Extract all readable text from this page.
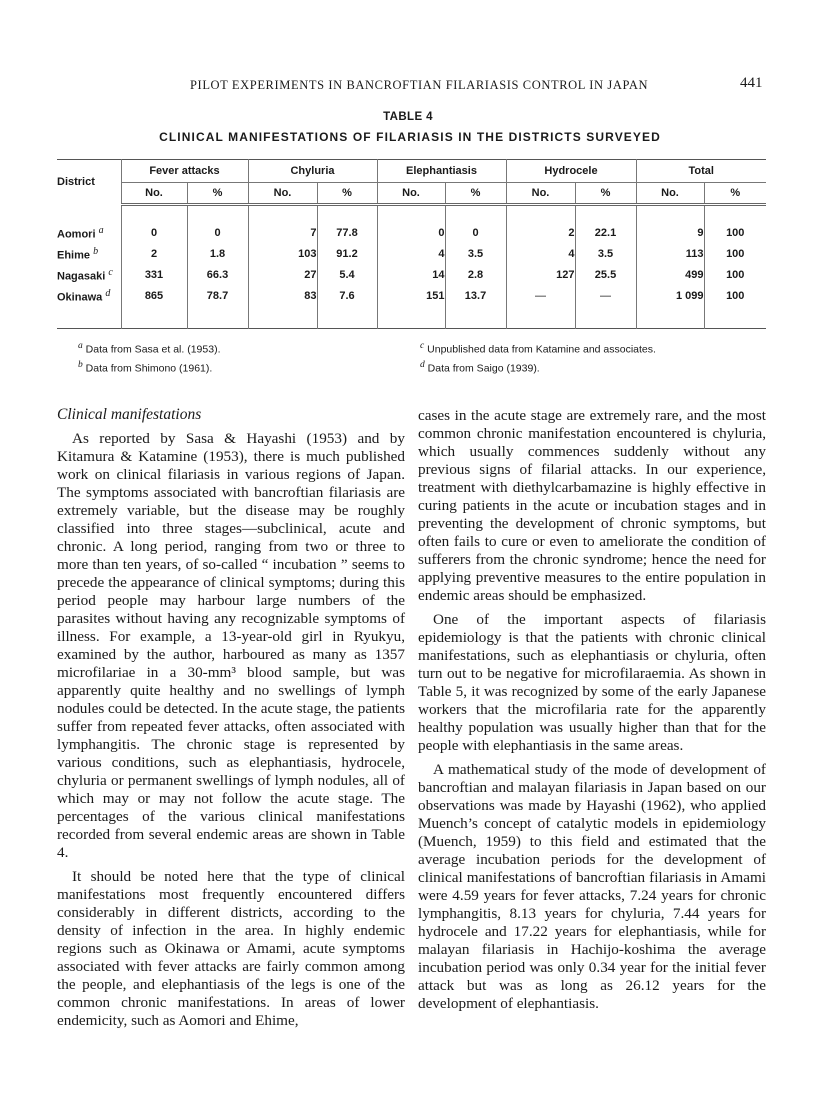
PILOT EXPERIMENTS IN BANCROFTIAN FILARIASIS CONTROL IN JAPAN	441
TABLE 4
CLINICAL MANIFESTATIONS OF FILARIASIS IN THE DISTRICTS SURVEYED
District	Fever attacks		Chyluria		Elephantiasis		Hydrocele		Total	
	No.	%	No.	%	No.	%	No.	%	No.	%

Aomori $^a$	0	0	7	77.8	0	0	2	22.1	9	100
Ehime $^b$	2	1.8	103	91.2	4	3.5	4	3.5	113	100
Nagasaki $^c$	331	66.3	27	5.4	14	2.8	127	25.5	499	100
Okinawa $^d$	865	78.7	83	7.6	151	13.7	—	—	1 099	100

$^a$ Data from Sasa et al. (1953).
$^b$ Data from Shimono (1961).
$^c$ Unpublished data from Katamine and associates.
$^d$ Data from Saigo (1939).
Clinical manifestations

As reported by Sasa & Hayashi (1953) and by Kitamura & Katamine (1953), there is much published work on clinical filariasis in various regions of Japan. The symptoms associated with bancroftian filariasis are extremely variable, but the disease may be roughly classified into three stages—subclinical, acute and chronic. A long period, ranging from two or three to more than ten years, of so-called “ incubation ” seems to precede the appearance of clinical symptoms; during this period people may harbour large numbers of the parasites without having any recognizable symptoms of illness. For example, a 13-year-old girl in Ryukyu, examined by the author, harboured as many as 1357 microfilariae in a 30-mm³ blood sample, but was apparently quite healthy and no swellings of lymph nodules could be detected. In the acute stage, the patients suffer from repeated fever attacks, often associated with lymphangitis. The chronic stage is represented by various conditions, such as elephantiasis, hydrocele, chyluria or permanent swellings of lymph nodules, all of which may or may not follow the acute stage. The percentages of the various clinical manifestations recorded from several endemic areas are shown in Table 4.

It should be noted here that the type of clinical manifestations most frequently encountered differs considerably in different districts, according to the density of infection in the area. In highly endemic regions such as Okinawa or Amami, acute symptoms associated with fever attacks are fairly common among the people, and elephantiasis of the legs is one of the common chronic manifestations. In areas of lower endemicity, such as Aomori and Ehime,

cases in the acute stage are extremely rare, and the most common chronic manifestation encountered is chyluria, which usually commences suddenly without any previous signs of filarial attacks. In our experience, treatment with diethylcarbamazine is highly effective in curing patients in the acute or incubation stages and in preventing the development of chronic symptoms, but often fails to cure or even to ameliorate the condition of sufferers from the chronic syndrome; hence the need for applying preventive measures to the entire population in endemic areas should be emphasized.

One of the important aspects of filariasis epidemiology is that the patients with chronic clinical manifestations, such as elephantiasis or chyluria, often turn out to be negative for microfilaraemia. As shown in Table 5, it was recognized by some of the early Japanese workers that the microfilaria rate for the apparently healthy population was usually higher than that for the people with elephantiasis in the same areas.

A mathematical study of the mode of development of bancroftian and malayan filariasis in Japan based on our observations was made by Hayashi (1962), who applied Muench’s concept of catalytic models in epidemiology (Muench, 1959) to this field and estimated that the average incubation periods for the development of clinical manifestations of bancroftian filariasis in Amami were 4.59 years for fever attacks, 7.24 years for chronic lymphangitis, 8.13 years for chyluria, 7.44 years for hydrocele and 17.22 years for elephantiasis, while for malayan filariasis in Hachijo-koshima the average incubation period was only 0.34 year for the initial fever attack but was as long as 26.12 years for the development of elephantiasis.
